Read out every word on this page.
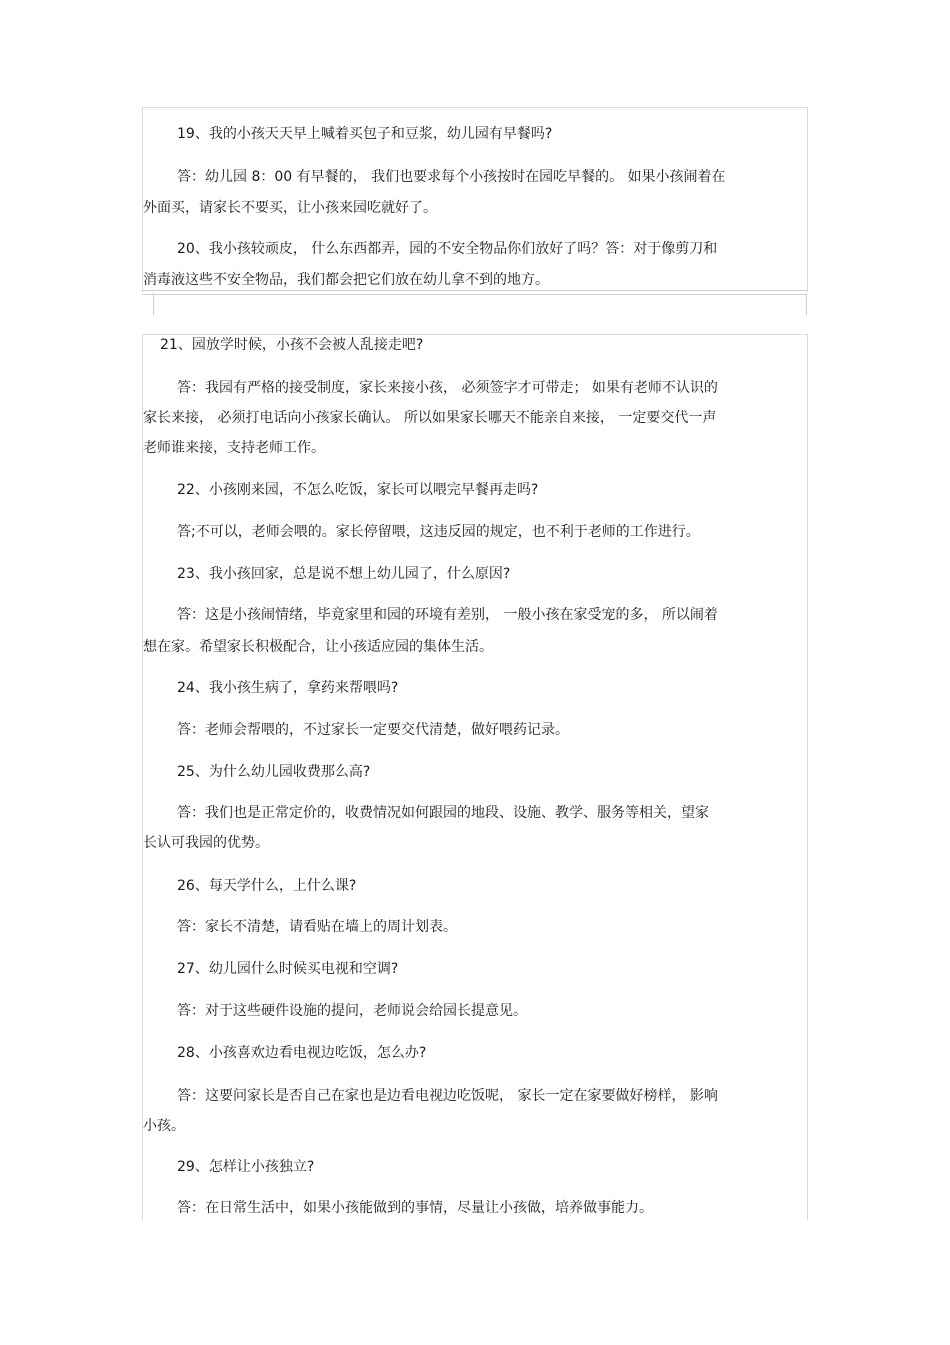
19、我的小孩天天早上喊着买包子和豆浆，幼儿园有早餐吗?
答：幼儿园 8：00 有早餐的， 我们也要求每个小孩按时在园吃早餐的。 如果小孩闹着在
外面买，请家长不要买，让小孩来园吃就好了。
20、我小孩较顽皮， 什么东西都弄，园的不安全物品你们放好了吗？答：对于像剪刀和
消毒液这些不安全物品，我们都会把它们放在幼儿拿不到的地方。
21、园放学时候，小孩不会被人乱接走吧?
答：我园有严格的接受制度，家长来接小孩， 必须签字才可带走； 如果有老师不认识的
家长来接， 必须打电话向小孩家长确认。 所以如果家长哪天不能亲自来接， 一定要交代一声
老师谁来接，支持老师工作。
22、小孩刚来园，不怎么吃饭，家长可以喂完早餐再走吗?
答;不可以，老师会喂的。家长停留喂，这违反园的规定，也不利于老师的工作进行。
23、我小孩回家，总是说不想上幼儿园了，什么原因?
答：这是小孩闹情绪，毕竟家里和园的环境有差别， 一般小孩在家受宠的多， 所以闹着
想在家。希望家长积极配合，让小孩适应园的集体生活。
24、我小孩生病了，拿药来帮喂吗?
答：老师会帮喂的，不过家长一定要交代清楚，做好喂药记录。
25、为什么幼儿园收费那么高?
答：我们也是正常定价的，收费情况如何跟园的地段、设施、教学、服务等相关，望家
长认可我园的优势。
26、每天学什么，上什么课?
答：家长不清楚，请看贴在墙上的周计划表。
27、幼儿园什么时候买电视和空调?
答：对于这些硬件设施的提问，老师说会给园长提意见。
28、小孩喜欢边看电视边吃饭，怎么办?
答：这要问家长是否自己在家也是边看电视边吃饭呢， 家长一定在家要做好榜样， 影响
小孩。
29、怎样让小孩独立?
答：在日常生活中，如果小孩能做到的事情，尽量让小孩做，培养做事能力。
